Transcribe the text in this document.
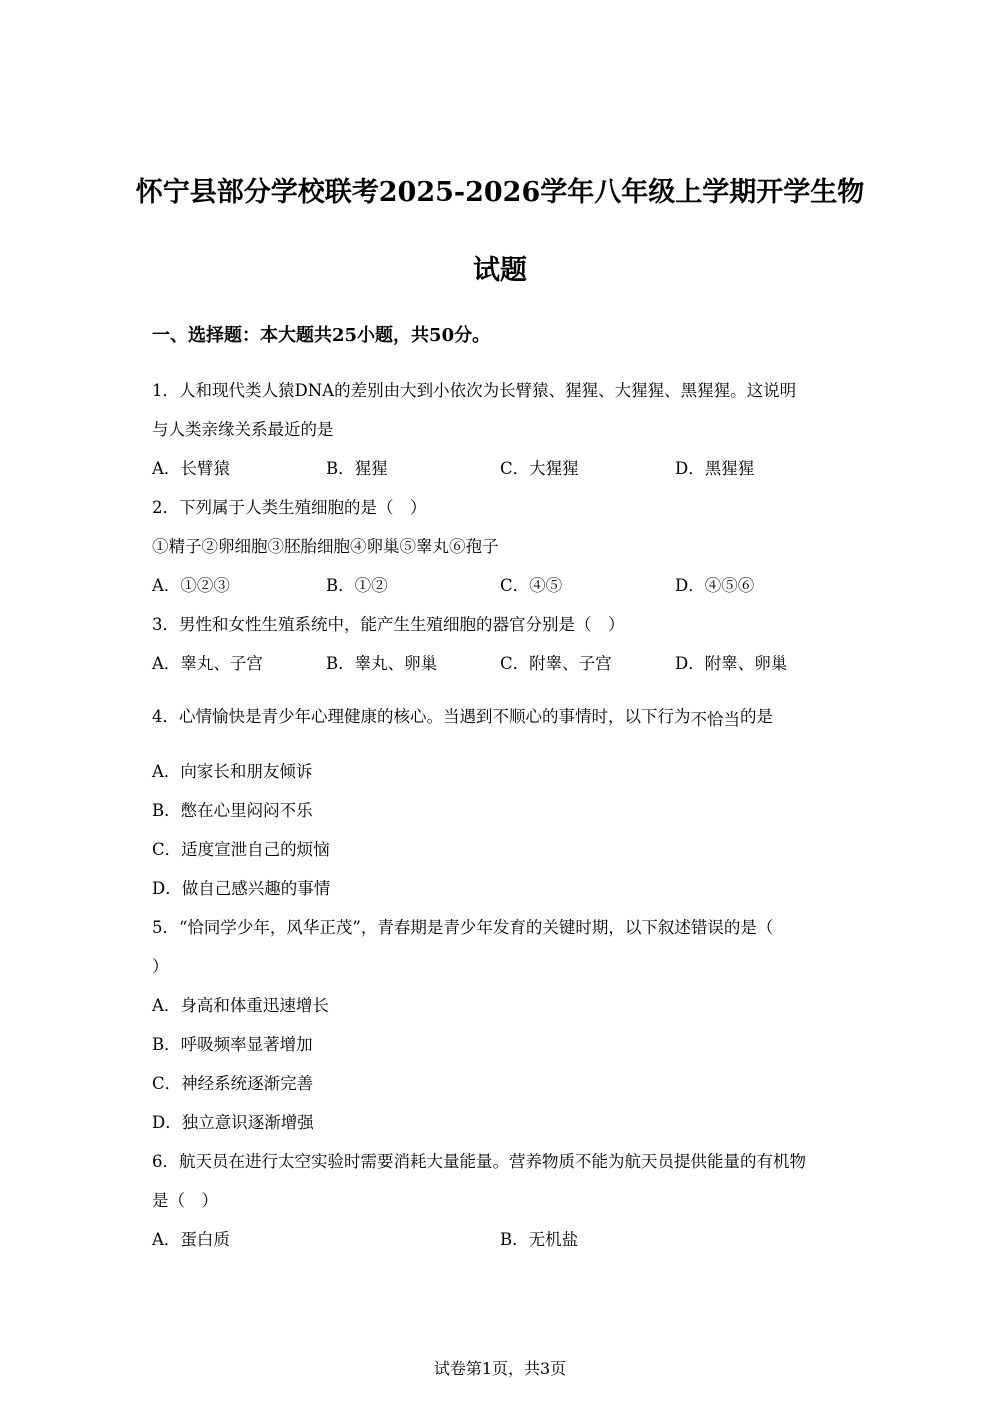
怀宁县部分学校联考2025-2026学年八年级上学期开学生物
试题
一、选择题：本大题共25小题，共50分。
1．人和现代类人猿DNA的差别由大到小依次为长臂猿、猩猩、大猩猩、黑猩猩。这说明
与人类亲缘关系最近的是
A．长臂猿	B．猩猩	C．大猩猩	D．黑猩猩
2．下列属于人类生殖细胞的是（　）
①精子②卵细胞③胚胎细胞④卵巢⑤睾丸⑥孢子
A．①②③	B．①②	C．④⑤	D．④⑤⑥
3．男性和女性生殖系统中，能产生生殖细胞的器官分别是（　）
A．睾丸、子宫	B．睾丸、卵巢	C．附睾、子宫	D．附睾、卵巢
4．心情愉快是青少年心理健康的核心。当遇到不顺心的事情时，以下行为不恰当的是
A．向家长和朋友倾诉
B．憋在心里闷闷不乐
C．适度宣泄自己的烦恼
D．做自己感兴趣的事情
5．“恰同学少年，风华正茂”，青春期是青少年发育的关键时期，以下叙述错误的是（
）
A．身高和体重迅速增长
B．呼吸频率显著增加
C．神经系统逐渐完善
D．独立意识逐渐增强
6．航天员在进行太空实验时需要消耗大量能量。营养物质不能为航天员提供能量的有机物
是（　）
A．蛋白质	B．无机盐
试卷第1页，共3页
